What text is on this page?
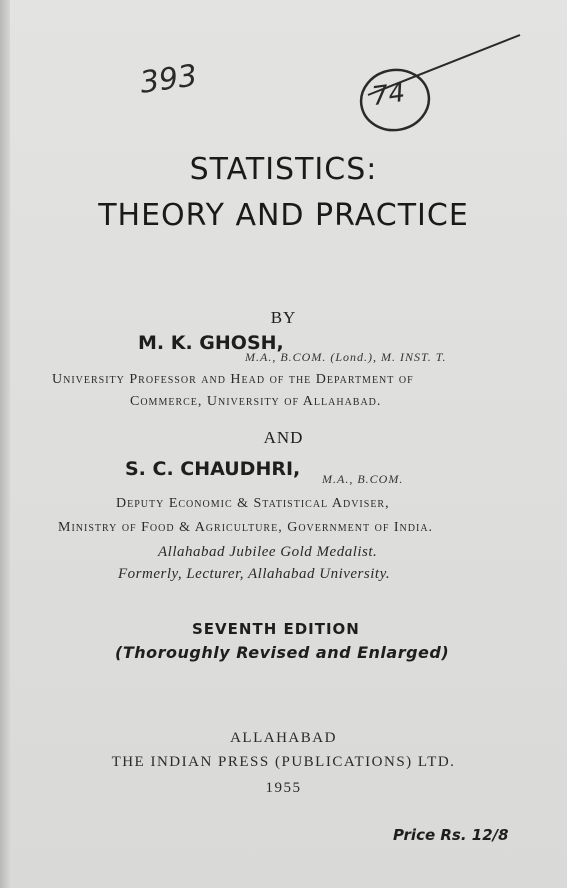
393	74
STATISTICS:
THEORY AND PRACTICE
BY
M. K. GHOSH,
M.A., B.COM. (Lond.), M. INST. T.
University Professor and Head of the Department of
Commerce, University of Allahabad.
AND
S. C. CHAUDHRI, M.A., B.COM.
Deputy Economic & Statistical Adviser,
Ministry of Food & Agriculture, Government of India.
Allahabad Jubilee Gold Medalist.
Formerly, Lecturer, Allahabad University.
SEVENTH EDITION
(Thoroughly Revised and Enlarged)
ALLAHABAD
THE INDIAN PRESS (PUBLICATIONS) LTD.
1955
Price Rs. 12/8
